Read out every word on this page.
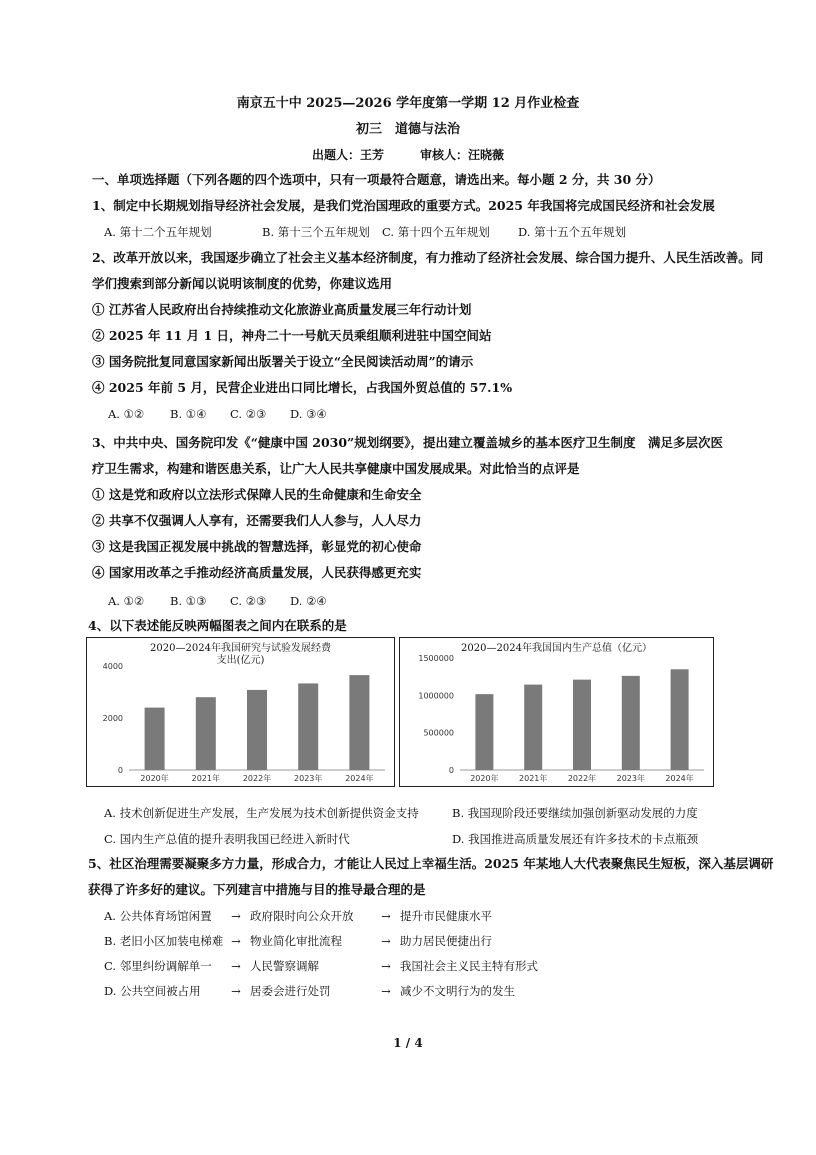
南京五十中 2025—2026 学年度第一学期 12 月作业检查
初三　道德与法治
出题人：王芳　　　审核人：汪晓薇
一、单项选择题（下列各题的四个选项中，只有一项最符合题意，请选出来。每小题 2 分，共 30 分）
1、制定中长期规划指导经济社会发展，是我们党治国理政的重要方式。2025 年我国将完成国民经济和社会发展
A. 第十二个五年规划	B. 第十三个五年规划 C. 第十四个五年规划 D. 第十五个五年规划
2、改革开放以来，我国逐步确立了社会主义基本经济制度，有力推动了经济社会发展、综合国力提升、人民生活改善。同
学们搜索到部分新闻以说明该制度的优势，你建议选用
① 江苏省人民政府出台持续推动文化旅游业高质量发展三年行动计划
② 2025 年 11 月 1 日，神舟二十一号航天员乘组顺利进驻中国空间站
③ 国务院批复同意国家新闻出版署关于设立“全民阅读活动周”的请示
④ 2025 年前 5 月，民营企业进出口同比增长，占我国外贸总值的 57.1%
A. ①② B. ①④ C. ②③ D. ③④
3、中共中央、国务院印发《“健康中国 2030”规划纲要》，提出建立覆盖城乡的基本医疗卫生制度　满足多层次医
疗卫生需求，构建和谐医患关系，让广大人民共享健康中国发展成果。对此恰当的点评是
① 这是党和政府以立法形式保障人民的生命健康和生命安全
② 共享不仅强调人人享有，还需要我们人人参与，人人尽力
③ 这是我国正视发展中挑战的智慧选择，彰显党的初心使命
④ 国家用改革之手推动经济高质量发展，人民获得感更充实
A. ①② B. ①③ C. ②③ D. ②④
4、以下表述能反映两幅图表之间内在联系的是
2020—2024年我国研究与试验发展经费
支出(亿元)
0
2000
4000
2020年	2021年	2022年	2023年	2024年
2020—2024年我国国内生产总值（亿元）
0
500000
1000000
1500000
2020年	2021年	2022年	2023年	2024年
A. 技术创新促进生产发展，生产发展为技术创新提供资金支持	B. 我国现阶段还要继续加强创新驱动发展的力度
C. 国内生产总值的提升表明我国已经进入新时代	D. 我国推进高质量发展还有许多技术的卡点瓶颈
5、社区治理需要凝聚多方力量，形成合力，才能让人民过上幸福生活。2025 年某地人大代表聚焦民生短板，深入基层调研
获得了许多好的建议。下列建言中措施与目的推导最合理的是
A. 公共体育场馆闲置 → 政府限时向公众开放 → 提升市民健康水平
B. 老旧小区加装电梯难 → 物业简化审批流程	→ 助力居民便捷出行
C. 邻里纠纷调解单一 → 人民警察调解	→ 我国社会主义民主特有形式
D. 公共空间被占用	→ 居委会进行处罚	→ 减少不文明行为的发生
1 / 4
